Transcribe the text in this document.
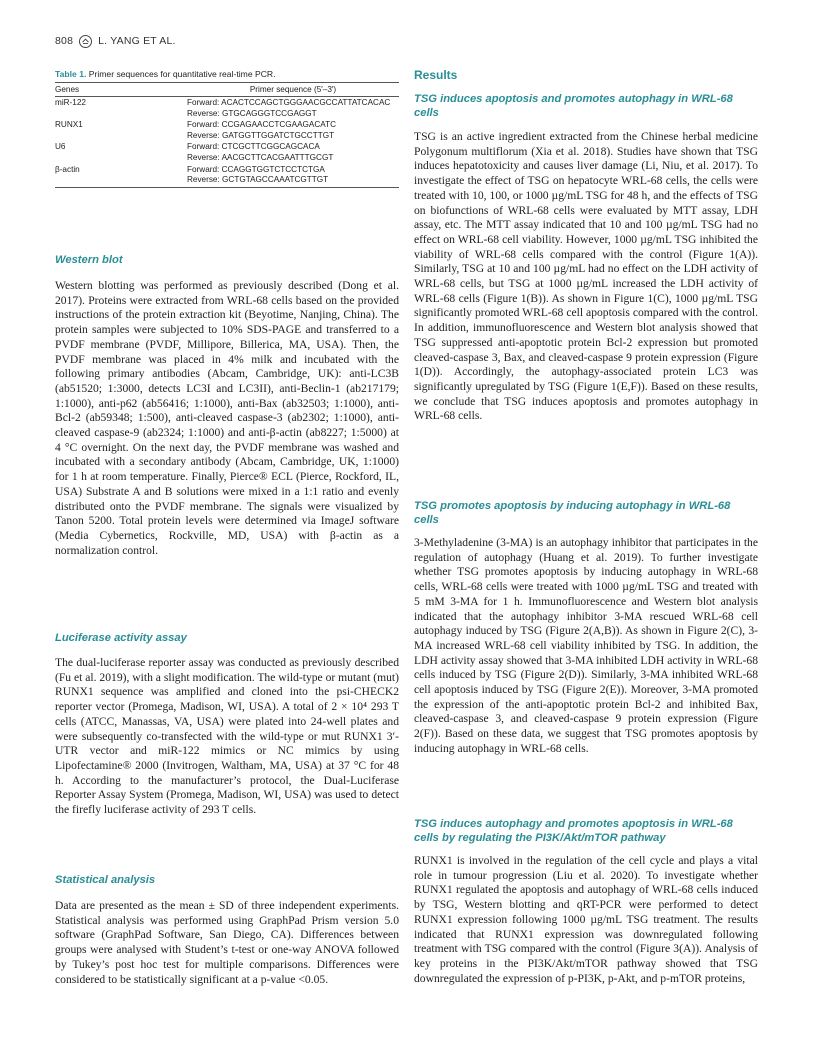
808 L. YANG ET AL.
Table 1. Primer sequences for quantitative real-time PCR.
Genes	Primer sequence (5′–3′)
miR-122	Forward: ACACTCCAGCTGGGAACGCCATTATCACAC
	Reverse: GTGCAGGGTCCGAGGT
RUNX1	Forward: CCGAGAACCTCGAAGACATC
	Reverse: GATGGTTGGATCTGCCTTGT
U6	Forward: CTCGCTTCGGCAGCACA
	Reverse: AACGCTTCACGAATTTGCGT
β-actin	Forward: CCAGGTGGTCTCCTCTGA
	Reverse: GCTGTAGCCAAATCGTTGT
Western blot

Western blotting was performed as previously described (Dong et al. 2017). Proteins were extracted from WRL-68 cells based on the provided instructions of the protein extraction kit (Beyotime, Nanjing, China). The protein samples were subjected to 10% SDS-PAGE and transferred to a PVDF membrane (PVDF, Millipore, Billerica, MA, USA). Then, the PVDF membrane was placed in 4% milk and incubated with the following primary antibodies (Abcam, Cambridge, UK): anti-LC3B (ab51520; 1:3000, detects LC3I and LC3II), anti-Beclin-1 (ab217179; 1:1000), anti-p62 (ab56416; 1:1000), anti-Bax (ab32503; 1:1000), anti-Bcl-2 (ab59348; 1:500), anti-cleaved caspase-3 (ab2302; 1:1000), anti-cleaved caspase-9 (ab2324; 1:1000) and anti-β-actin (ab8227; 1:5000) at 4 °C overnight. On the next day, the PVDF membrane was washed and incubated with a secondary antibody (Abcam, Cambridge, UK, 1:1000) for 1 h at room temperature. Finally, Pierce® ECL (Pierce, Rockford, IL, USA) Substrate A and B solutions were mixed in a 1:1 ratio and evenly distributed onto the PVDF membrane. The signals were visualized by Tanon 5200. Total protein levels were determined via ImageJ software (Media Cybernetics, Rockville, MD, USA) with β-actin as a normalization control.

Luciferase activity assay

The dual-luciferase reporter assay was conducted as previously described (Fu et al. 2019), with a slight modification. The wild-type or mutant (mut) RUNX1 sequence was amplified and cloned into the psi-CHECK2 reporter vector (Promega, Madison, WI, USA). A total of 2 × 10⁴ 293 T cells (ATCC, Manassas, VA, USA) were plated into 24-well plates and were subsequently co-transfected with the wild-type or mut RUNX1 3′-UTR vector and miR-122 mimics or NC mimics by using Lipofectamine® 2000 (Invitrogen, Waltham, MA, USA) at 37 °C for 48 h. According to the manufacturer’s protocol, the Dual-Luciferase Reporter Assay System (Promega, Madison, WI, USA) was used to detect the firefly luciferase activity of 293 T cells.

Statistical analysis

Data are presented as the mean ± SD of three independent experiments. Statistical analysis was performed using GraphPad Prism version 5.0 software (GraphPad Software, San Diego, CA). Differences between groups were analysed with Student’s t-test or one-way ANOVA followed by Tukey’s post hoc test for multiple comparisons. Differences were considered to be statistically significant at a p-value <0.05.

Results
TSG induces apoptosis and promotes autophagy in WRL-68 cells

TSG is an active ingredient extracted from the Chinese herbal medicine Polygonum multiflorum (Xia et al. 2018). Studies have shown that TSG induces hepatotoxicity and causes liver damage (Li, Niu, et al. 2017). To investigate the effect of TSG on hepatocyte WRL-68 cells, the cells were treated with 10, 100, or 1000 µg/mL TSG for 48 h, and the effects of TSG on biofunctions of WRL-68 cells were evaluated by MTT assay, LDH assay, etc. The MTT assay indicated that 10 and 100 µg/mL TSG had no effect on WRL-68 cell viability. However, 1000 µg/mL TSG inhibited the viability of WRL-68 cells compared with the control (Figure 1(A)). Similarly, TSG at 10 and 100 µg/mL had no effect on the LDH activity of WRL-68 cells, but TSG at 1000 µg/mL increased the LDH activity of WRL-68 cells (Figure 1(B)). As shown in Figure 1(C), 1000 µg/mL TSG significantly promoted WRL-68 cell apoptosis compared with the control. In addition, immunofluorescence and Western blot analysis showed that TSG suppressed anti-apoptotic protein Bcl-2 expression but promoted cleaved-caspase 3, Bax, and cleaved-caspase 9 protein expression (Figure 1(D)). Accordingly, the autophagy-associated protein LC3 was significantly upregulated by TSG (Figure 1(E,F)). Based on these results, we conclude that TSG induces apoptosis and promotes autophagy in WRL-68 cells.

TSG promotes apoptosis by inducing autophagy in WRL-68 cells

3-Methyladenine (3-MA) is an autophagy inhibitor that participates in the regulation of autophagy (Huang et al. 2019). To further investigate whether TSG promotes apoptosis by inducing autophagy in WRL-68 cells, WRL-68 cells were treated with 1000 µg/mL TSG and treated with 5 mM 3-MA for 1 h. Immunofluorescence and Western blot analysis indicated that the autophagy inhibitor 3-MA rescued WRL-68 cell autophagy induced by TSG (Figure 2(A,B)). As shown in Figure 2(C), 3-MA increased WRL-68 cell viability inhibited by TSG. In addition, the LDH activity assay showed that 3-MA inhibited LDH activity in WRL-68 cells induced by TSG (Figure 2(D)). Similarly, 3-MA inhibited WRL-68 cell apoptosis induced by TSG (Figure 2(E)). Moreover, 3-MA promoted the expression of the anti-apoptotic protein Bcl-2 and inhibited Bax, cleaved-caspase 3, and cleaved-caspase 9 protein expression (Figure 2(F)). Based on these data, we suggest that TSG promotes apoptosis by inducing autophagy in WRL-68 cells.

TSG induces autophagy and promotes apoptosis in WRL-68 cells by regulating the PI3K/Akt/mTOR pathway

RUNX1 is involved in the regulation of the cell cycle and plays a vital role in tumour progression (Liu et al. 2020). To investigate whether RUNX1 regulated the apoptosis and autophagy of WRL-68 cells induced by TSG, Western blotting and qRT-PCR were performed to detect RUNX1 expression following 1000 µg/mL TSG treatment. The results indicated that RUNX1 expression was downregulated following treatment with TSG compared with the control (Figure 3(A)). Analysis of key proteins in the PI3K/Akt/mTOR pathway showed that TSG downregulated the expression of p-PI3K, p-Akt, and p-mTOR proteins,
